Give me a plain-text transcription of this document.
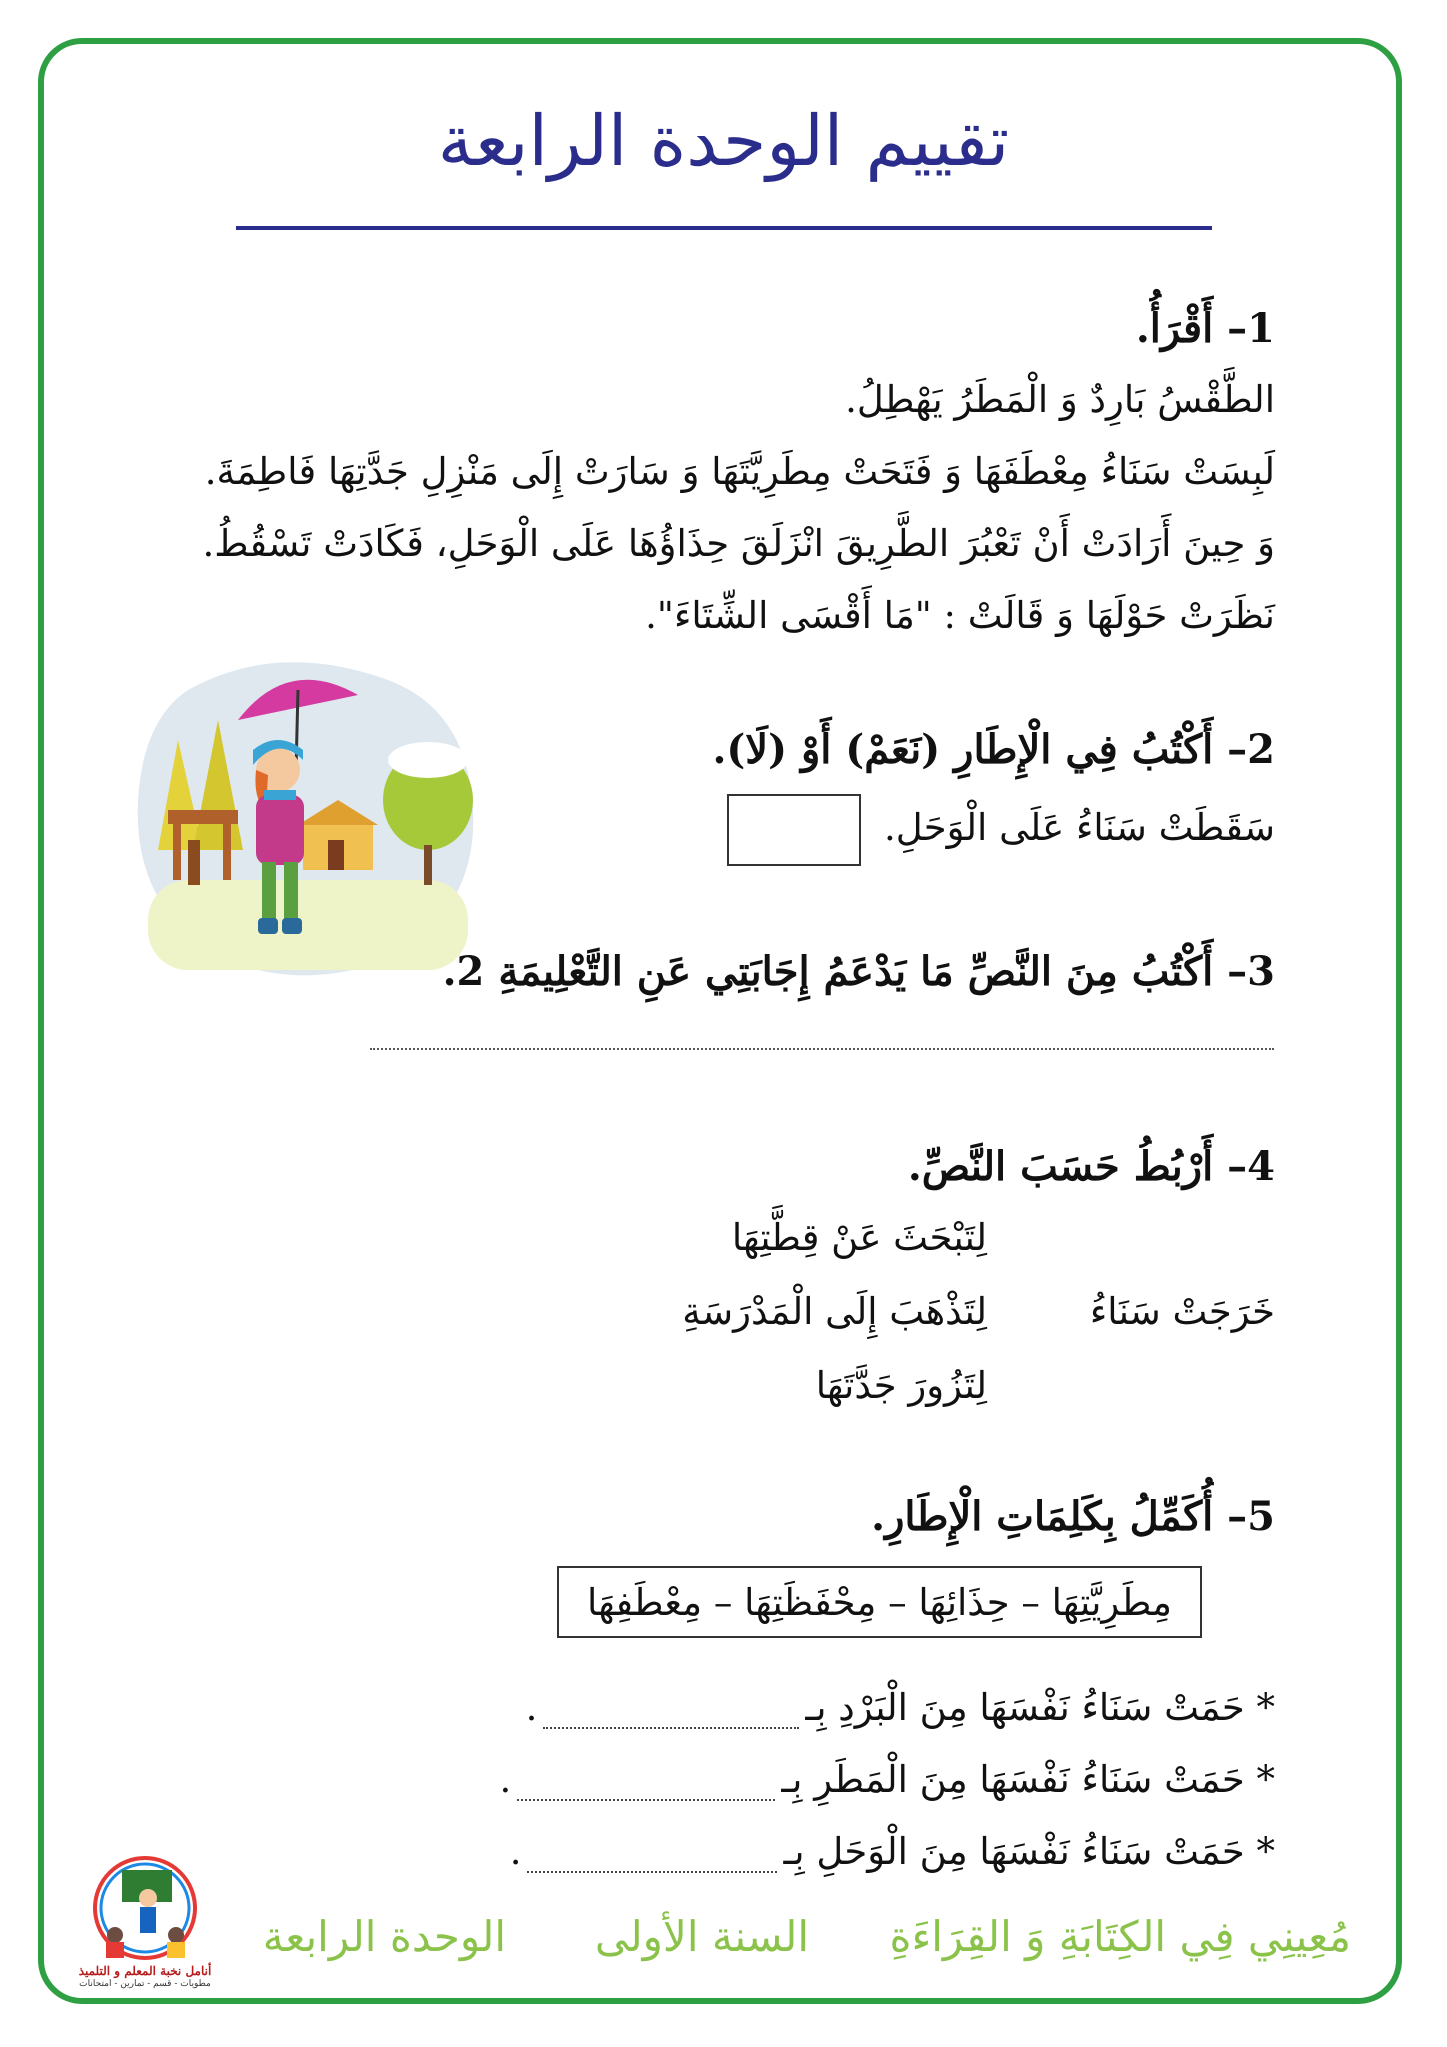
تقييم الوحدة الرابعة
1– أَقْرَأُ.
الطَّقْسُ بَارِدٌ وَ الْمَطَرُ يَهْطِلُ.
لَبِسَتْ سَنَاءُ مِعْطَفَهَا وَ فَتَحَتْ مِطَرِيَّتَهَا وَ سَارَتْ إِلَى مَنْزِلِ جَدَّتِهَا فَاطِمَةَ.
وَ حِينَ أَرَادَتْ أَنْ تَعْبُرَ الطَّرِيقَ انْزَلَقَ حِذَاؤُهَا عَلَى الْوَحَلِ، فَكَادَتْ تَسْقُطُ.
نَظَرَتْ حَوْلَهَا وَ قَالَتْ : "مَا أَقْسَى الشِّتَاءَ".
2– أَكْتُبُ فِي الْإِطَارِ (نَعَمْ) أَوْ (لَا).
سَقَطَتْ سَنَاءُ عَلَى الْوَحَلِ.
3– أَكْتُبُ مِنَ النَّصِّ مَا يَدْعَمُ إِجَابَتِي عَنِ التَّعْلِيمَةِ 2.
4– أَرْبُطُ حَسَبَ النَّصِّ.
خَرَجَتْ سَنَاءُ
لِتَبْحَثَ عَنْ قِطَّتِهَا
لِتَذْهَبَ إِلَى الْمَدْرَسَةِ
لِتَزُورَ جَدَّتَهَا
5– أُكَمِّلُ بِكَلِمَاتِ الْإِطَارِ.
مِطَرِيَّتِهَا – حِذَائِهَا – مِحْفَظَتِهَا – مِعْطَفِهَا
* حَمَتْ سَنَاءُ نَفْسَهَا مِنَ الْبَرْدِ بِـ
.
* حَمَتْ سَنَاءُ نَفْسَهَا مِنَ الْمَطَرِ بِـ
.
* حَمَتْ سَنَاءُ نَفْسَهَا مِنَ الْوَحَلِ بِـ
.
مُعِينِي فِي الكِتَابَةِ وَ القِرَاءَةِ
السنة الأولى
الوحدة الرابعة
أنامل نخبة المعلم و التلميذ
مطويات - قسم - تمارين - امتحانات
